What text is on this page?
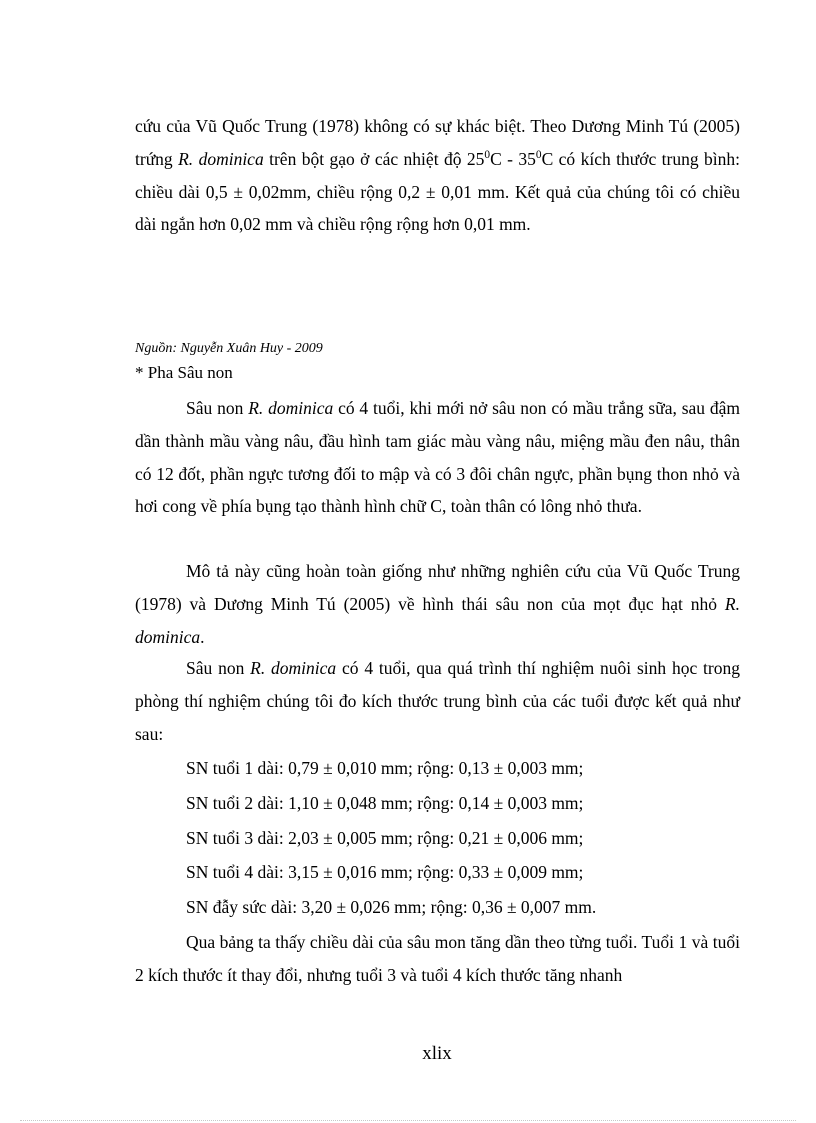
cứu của Vũ Quốc Trung (1978) không có sự khác biệt. Theo Dương Minh Tú (2005) trứng R. dominica trên bột gạo ở các nhiệt độ $25^0C - 35^0C$ có kích thước trung bình: chiều dài 0,5 ± 0,02mm, chiều rộng 0,2 ± 0,01 mm. Kết quả của chúng tôi có chiều dài ngắn hơn 0,02 mm và chiều rộng rộng hơn 0,01 mm.

Nguồn: Nguyễn Xuân Huy - 2009

* Pha Sâu non

Sâu non R. dominica có 4 tuổi, khi mới nở sâu non có mầu trắng sữa, sau đậm dần thành mầu vàng nâu, đầu hình tam giác màu vàng nâu, miệng mầu đen nâu, thân có 12 đốt, phần ngực tương đối to mập và có 3 đôi chân ngực, phần bụng thon nhỏ và hơi cong về phía bụng tạo thành hình chữ C, toàn thân có lông nhỏ thưa.

Mô tả này cũng hoàn toàn giống như những nghiên cứu của Vũ Quốc Trung (1978) và Dương Minh Tú (2005) về hình thái sâu non của mọt đục hạt nhỏ R. dominica.

Sâu non R. dominica có 4 tuổi, qua quá trình thí nghiệm nuôi sinh học trong phòng thí nghiệm chúng tôi đo kích thước trung bình của các tuổi được kết quả như sau:

SN tuổi 1 dài: 0,79 ± 0,010 mm; rộng: 0,13 ± 0,003 mm;
SN tuổi 2 dài: 1,10 ± 0,048 mm; rộng: 0,14 ± 0,003 mm;
SN tuổi 3 dài: 2,03 ± 0,005 mm; rộng: 0,21 ± 0,006 mm;
SN tuổi 4 dài: 3,15 ± 0,016 mm; rộng: 0,33 ± 0,009 mm;
SN đẫy sức dài: 3,20 ± 0,026 mm; rộng: 0,36 ± 0,007 mm.

Qua bảng ta thấy chiều dài của sâu mon tăng dần theo từng tuổi. Tuổi 1 và tuổi 2 kích thước ít thay đổi, nhưng tuổi 3 và tuổi 4 kích thước tăng nhanh

xlix
